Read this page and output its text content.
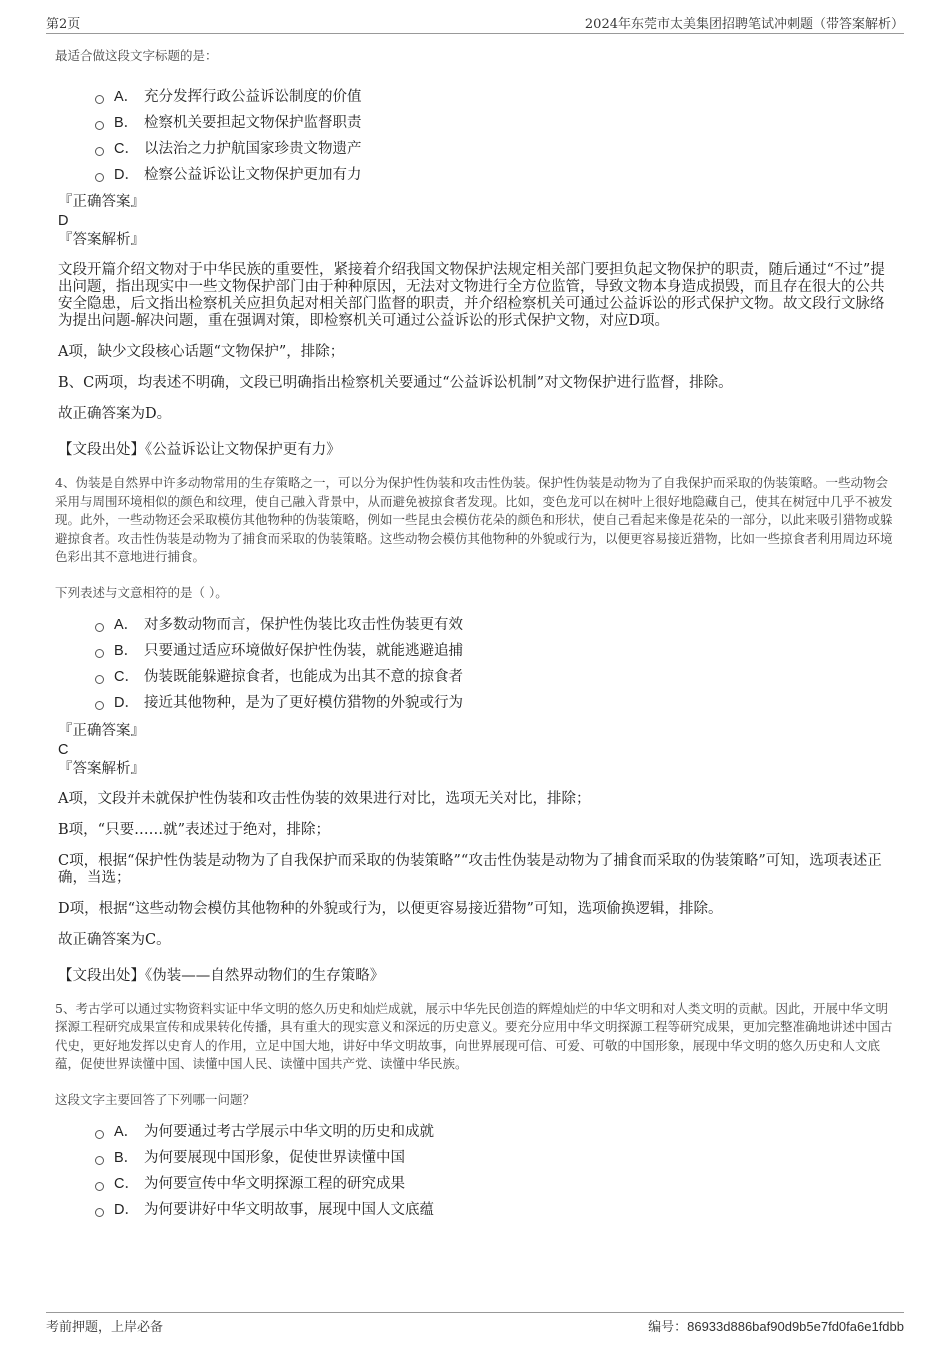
第2页	2024年东莞市太美集团招聘笔试冲刺题（带答案解析）

最适合做这段文字标题的是：

A． 充分发挥行政公益诉讼制度的价值
B． 检察机关要担起文物保护监督职责
C． 以法治之力护航国家珍贵文物遗产
D． 检察公益诉讼让文物保护更加有力
『正确答案』
D
『答案解析』

文段开篇介绍文物对于中华民族的重要性，紧接着介绍我国文物保护法规定相关部门要担负起文物保护的职责，随后通过“不过”提出问题，指出现实中一些文物保护部门由于种种原因，无法对文物进行全方位监管，导致文物本身造成损毁，而且存在很大的公共安全隐患，后文指出检察机关应担负起对相关部门监督的职责，并介绍检察机关可通过公益诉讼的形式保护文物。故文段行文脉络为提出问题-解决问题，重在强调对策，即检察机关可通过公益诉讼的形式保护文物，对应D项。

A项，缺少文段核心话题“文物保护”，排除；

B、C两项，均表述不明确，文段已明确指出检察机关要通过“公益诉讼机制”对文物保护进行监督，排除。

故正确答案为D。

【文段出处】《公益诉讼让文物保护更有力》

4、伪装是自然界中许多动物常用的生存策略之一，可以分为保护性伪装和攻击性伪装。保护性伪装是动物为了自我保护而采取的伪装策略。一些动物会采用与周围环境相似的颜色和纹理，使自己融入背景中，从而避免被掠食者发现。比如，变色龙可以在树叶上很好地隐藏自己，使其在树冠中几乎不被发现。此外，一些动物还会采取模仿其他物种的伪装策略，例如一些昆虫会模仿花朵的颜色和形状，使自己看起来像是花朵的一部分，以此来吸引猎物或躲避掠食者。攻击性伪装是动物为了捕食而采取的伪装策略。这些动物会模仿其他物种的外貌或行为，以便更容易接近猎物，比如一些掠食者利用周边环境色彩出其不意地进行捕食。

下列表述与文意相符的是（ ）。

A． 对多数动物而言，保护性伪装比攻击性伪装更有效
B． 只要通过适应环境做好保护性伪装，就能逃避追捕
C． 伪装既能躲避掠食者，也能成为出其不意的掠食者
D． 接近其他物种，是为了更好模仿猎物的外貌或行为
『正确答案』
C
『答案解析』

A项，文段并未就保护性伪装和攻击性伪装的效果进行对比，选项无关对比，排除；

B项，“只要……就”表述过于绝对，排除；

C项，根据“保护性伪装是动物为了自我保护而采取的伪装策略”“攻击性伪装是动物为了捕食而采取的伪装策略”可知，选项表述正确，当选；

D项，根据“这些动物会模仿其他物种的外貌或行为，以便更容易接近猎物”可知，选项偷换逻辑，排除。

故正确答案为C。

【文段出处】《伪装——自然界动物们的生存策略》

5、考古学可以通过实物资料实证中华文明的悠久历史和灿烂成就，展示中华先民创造的辉煌灿烂的中华文明和对人类文明的贡献。因此，开展中华文明探源工程研究成果宣传和成果转化传播，具有重大的现实意义和深远的历史意义。要充分应用中华文明探源工程等研究成果，更加完整准确地讲述中国古代史，更好地发挥以史育人的作用，立足中国大地，讲好中华文明故事，向世界展现可信、可爱、可敬的中国形象，展现中华文明的悠久历史和人文底蕴，促使世界读懂中国、读懂中国人民、读懂中国共产党、读懂中华民族。

这段文字主要回答了下列哪一问题？

A． 为何要通过考古学展示中华文明的历史和成就
B． 为何要展现中国形象，促使世界读懂中国
C． 为何要宣传中华文明探源工程的研究成果
D． 为何要讲好中华文明故事，展现中国人文底蕴
考前押题，上岸必备	编号：86933d886baf90d9b5e7fd0fa6e1fdbb
